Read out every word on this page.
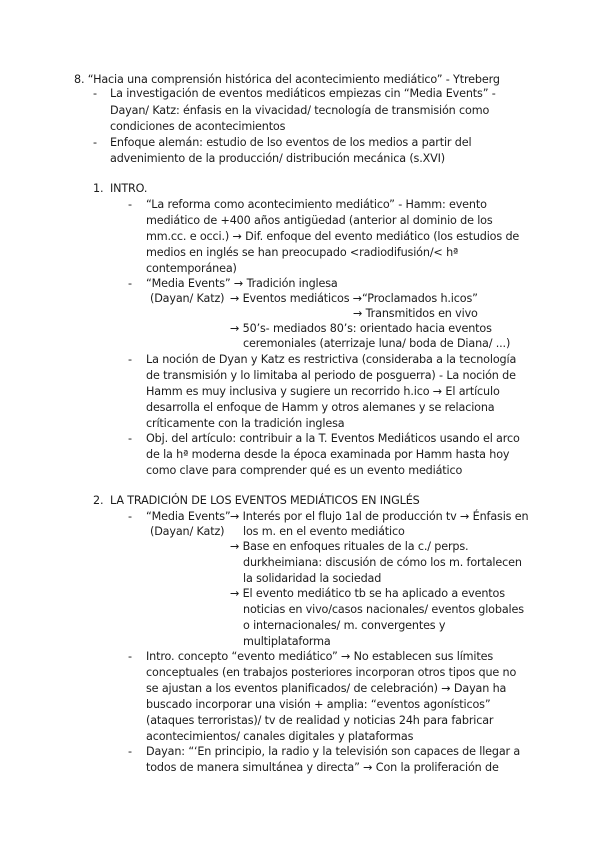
8. “Hacia una comprensión histórica del acontecimiento mediático” - Ytreberg
- La investigación de eventos mediáticos empiezas cin “Media Events” -
Dayan/ Katz: énfasis en la vivacidad/ tecnología de transmisión como
condiciones de acontecimientos
- Enfoque alemán: estudio de lso eventos de los medios a partir del
advenimiento de la producción/ distribución mecánica (s.XVI)
1. INTRO.
- “La reforma como acontecimiento mediático” - Hamm: evento
mediático de +400 años antigüedad (anterior al dominio de los
mm.cc. e occi.) → Dif. enfoque del evento mediático (los estudios de
medios en inglés se han preocupado <radiodifusión/< hª
contemporánea)
- “Media Events” → Tradición inglesa
(Dayan/ Katz) → Eventos mediáticos →“Proclamados h.icos”
→ Transmitidos en vivo
→ 50’s- mediados 80’s: orientado hacia eventos
ceremoniales (aterrizaje luna/ boda de Diana/ ...)
- La noción de Dyan y Katz es restrictiva (consideraba a la tecnología
de transmisión y lo limitaba al periodo de posguerra) - La noción de
Hamm es muy inclusiva y sugiere un recorrido h.ico → El artículo
desarrolla el enfoque de Hamm y otros alemanes y se relaciona
críticamente con la tradición inglesa
- Obj. del artículo: contribuir a la T. Eventos Mediáticos usando el arco
de la hª moderna desde la época examinada por Hamm hasta hoy
como clave para comprender qué es un evento mediático
2. LA TRADICIÓN DE LOS EVENTOS MEDIÁTICOS EN INGLÉS
- “Media Events”
(Dayan/ Katz)
→ Interés por el flujo 1al de producción tv → Énfasis en
los m. en el evento mediático
→ Base en enfoques rituales de la c./ perps.
durkheimiana: discusión de cómo los m. fortalecen
la solidaridad la sociedad
→ El evento mediático tb se ha aplicado a eventos
noticias en vivo/casos nacionales/ eventos globales
o internacionales/ m. convergentes y
multiplataforma
- Intro. concepto “evento mediático” → No establecen sus límites
conceptuales (en trabajos posteriores incorporan otros tipos que no
se ajustan a los eventos planificados/ de celebración) → Dayan ha
buscado incorporar una visión + amplia: “eventos agonísticos”
(ataques terroristas)/ tv de realidad y noticias 24h para fabricar
acontecimientos/ canales digitales y plataformas
- Dayan: “‘En principio, la radio y la televisión son capaces de llegar a
todos de manera simultánea y directa” → Con la proliferación de
